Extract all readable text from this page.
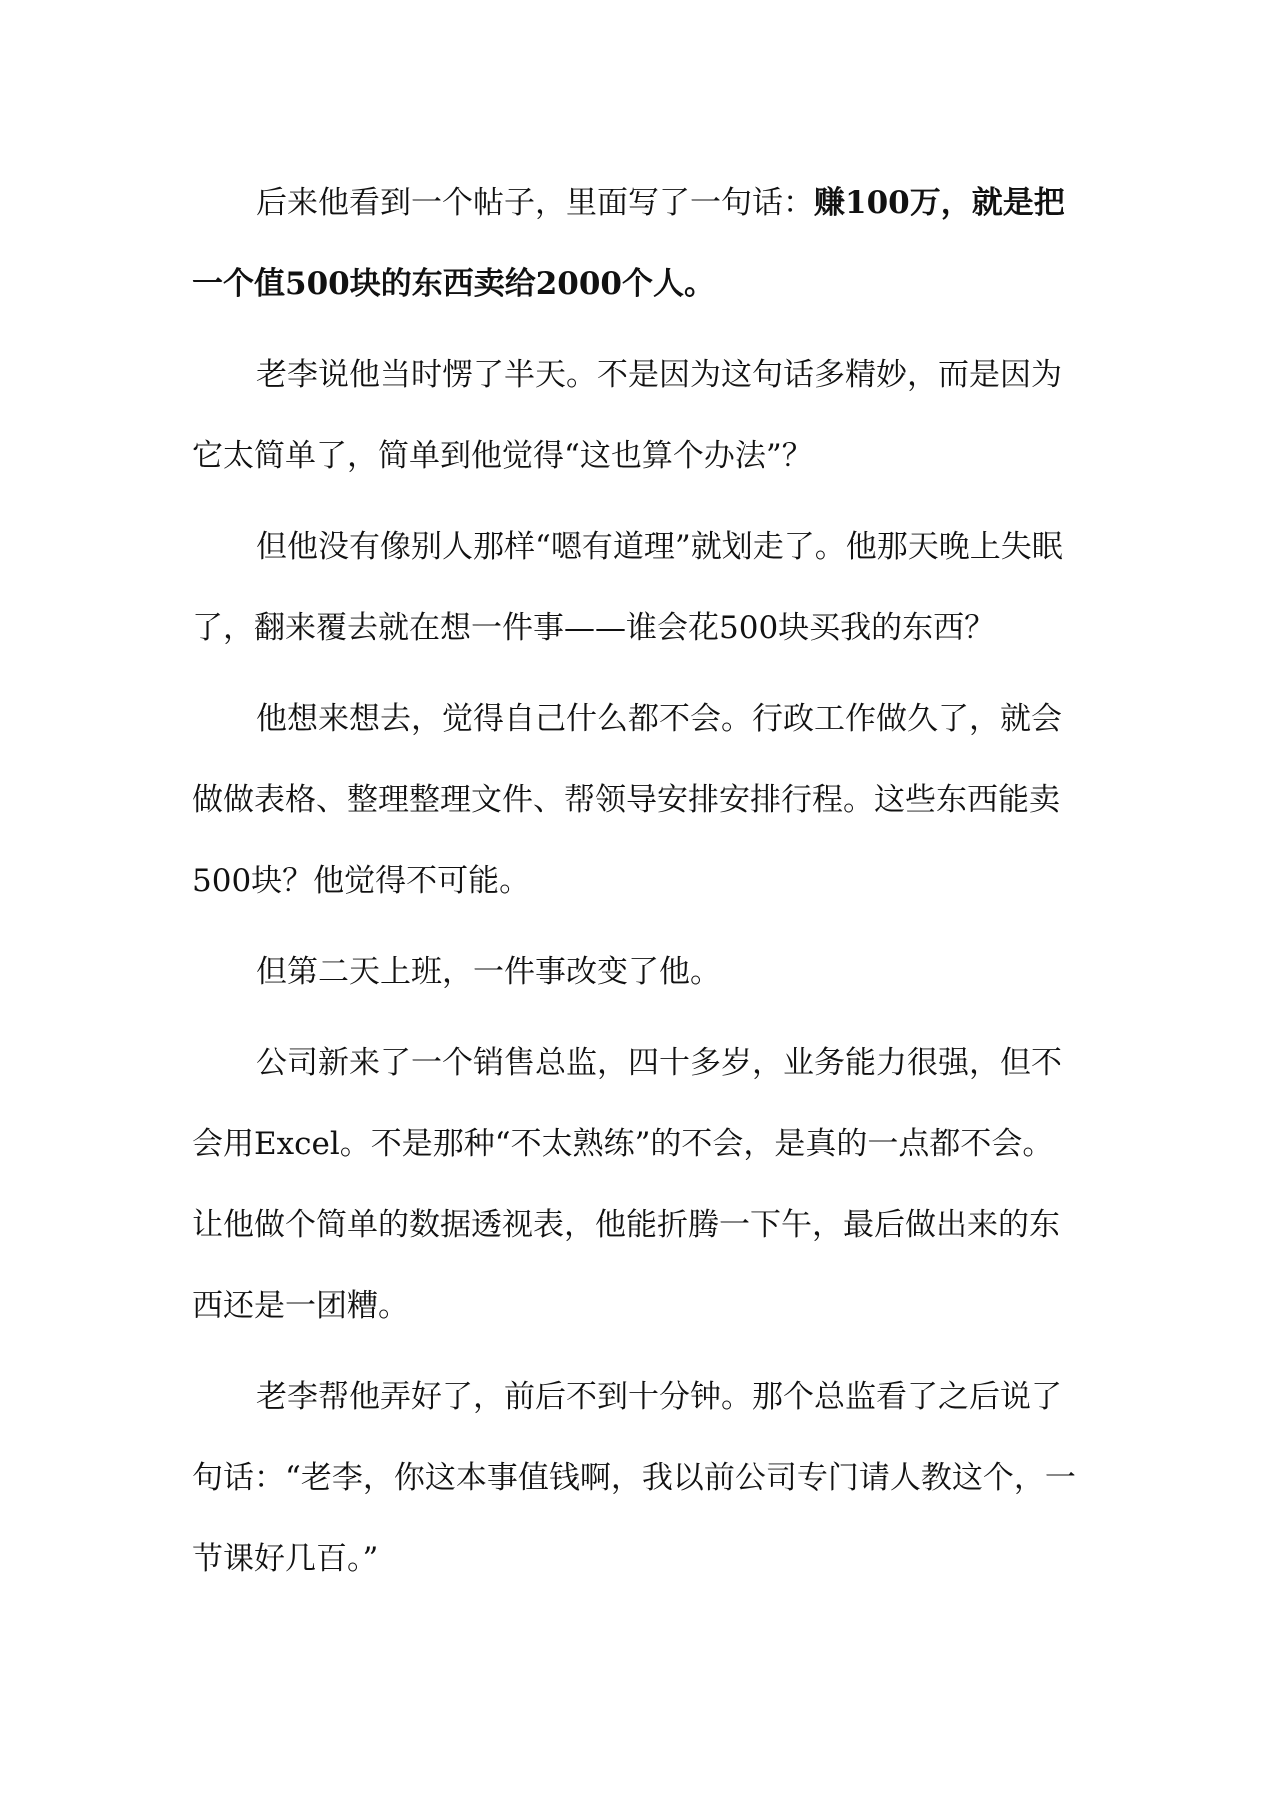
后来他看到一个帖子，里面写了一句话：赚100万，就是把一个值500块的东西卖给2000个人。

老李说他当时愣了半天。不是因为这句话多精妙，而是因为它太简单了，简单到他觉得“这也算个办法”？

但他没有像别人那样“嗯有道理”就划走了。他那天晚上失眠了，翻来覆去就在想一件事——谁会花500块买我的东西？

他想来想去，觉得自己什么都不会。行政工作做久了，就会做做表格、整理整理文件、帮领导安排安排行程。这些东西能卖500块？他觉得不可能。

但第二天上班，一件事改变了他。

公司新来了一个销售总监，四十多岁，业务能力很强，但不会用Excel。不是那种“不太熟练”的不会，是真的一点都不会。让他做个简单的数据透视表，他能折腾一下午，最后做出来的东西还是一团糟。

老李帮他弄好了，前后不到十分钟。那个总监看了之后说了句话：“老李，你这本事值钱啊，我以前公司专门请人教这个，一节课好几百。”
